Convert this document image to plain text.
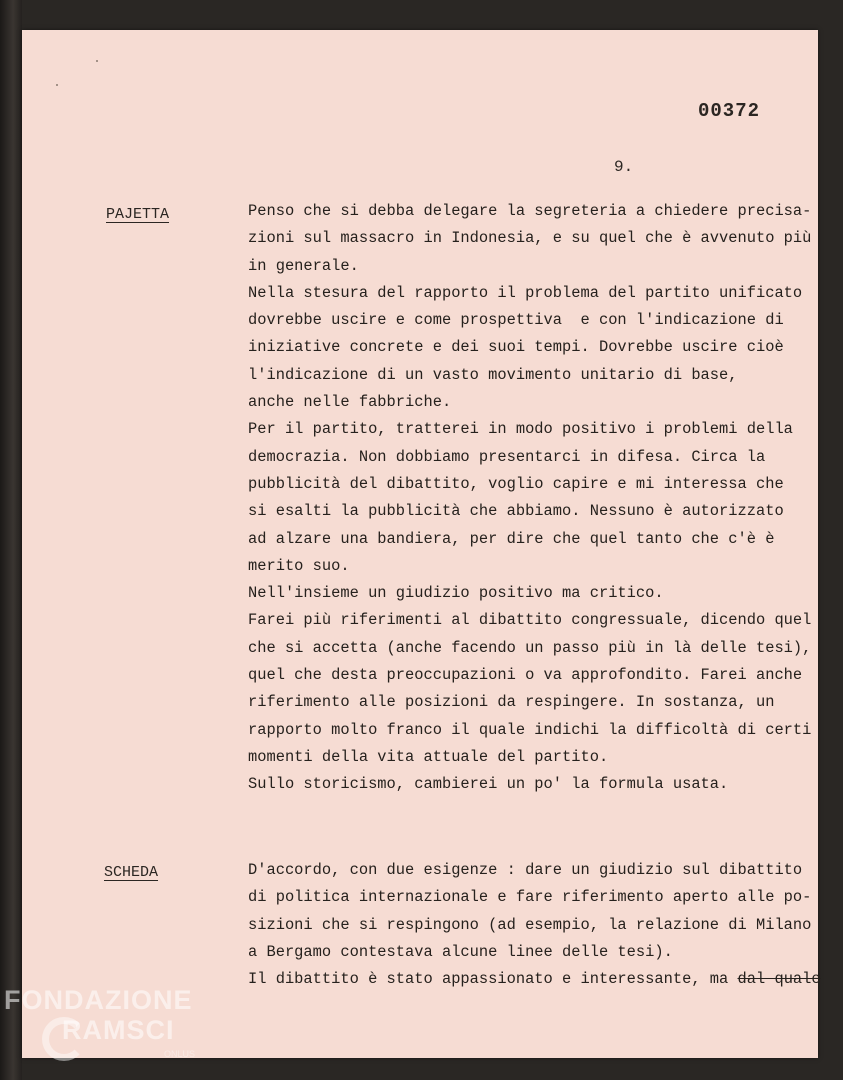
00372
9.
PAJETTA	Penso che si debba delegare la segreteria a chiedere precisa-
zioni sul massacro in Indonesia, e su quel che è avvenuto più
in generale.
Nella stesura del rapporto il problema del partito unificato
dovrebbe uscire e come prospettiva  e con l'indicazione di
iniziative concrete e dei suoi tempi. Dovrebbe uscire cioè
l'indicazione di un vasto movimento unitario di base,
anche nelle fabbriche.
Per il partito, tratterei in modo positivo i problemi della
democrazia. Non dobbiamo presentarci in difesa. Circa la
pubblicità del dibattito, voglio capire e mi interessa che
si esalti la pubblicità che abbiamo. Nessuno è autorizzato
ad alzare una bandiera, per dire che quel tanto che c'è è
merito suo.
Nell'insieme un giudizio positivo ma critico.
Farei più riferimenti al dibattito congressuale, dicendo quel
che si accetta (anche facendo un passo più in là delle tesi),
quel che desta preoccupazioni o va approfondito. Farei anche
riferimento alle posizioni da respingere. In sostanza, un
rapporto molto franco il quale indichi la difficoltà di certi
momenti della vita attuale del partito.
Sullo storicismo, cambierei un po' la formula usata.
SCHEDA	D'accordo, con due esigenze : dare un giudizio sul dibattito
di politica internazionale e fare riferimento aperto alle po-
sizioni che si respingono (ad esempio, la relazione di Milano
a Bergamo contestava alcune linee delle tesi).
Il dibattito è stato appassionato e interessante, ma dal quale
FONDAZIONE
RAMSCI
ONLUS
